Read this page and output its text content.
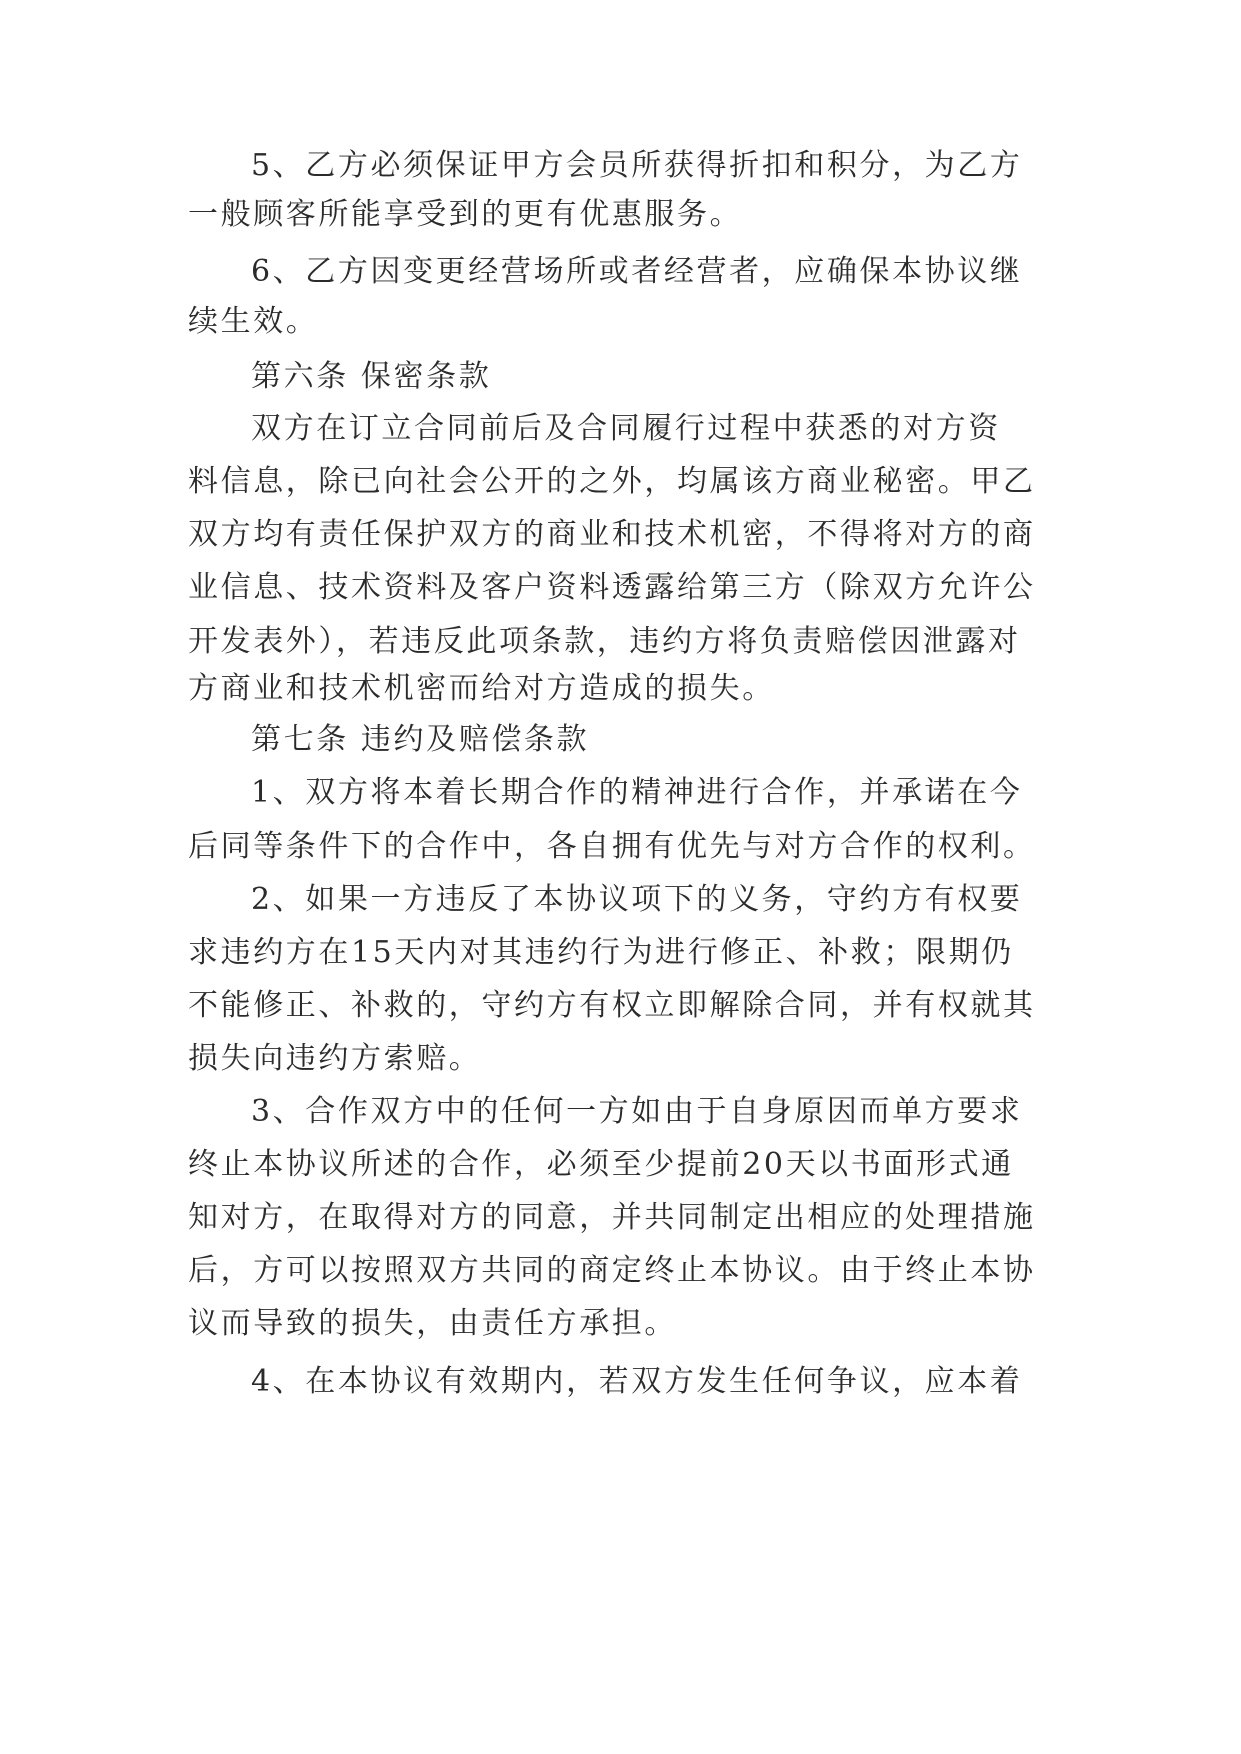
5、乙方必须保证甲方会员所获得折扣和积分，为乙方

一般顾客所能享受到的更有优惠服务。

6、乙方因变更经营场所或者经营者，应确保本协议继

续生效。

第六条 保密条款

双方在订立合同前后及合同履行过程中获悉的对方资

料信息，除已向社会公开的之外，均属该方商业秘密。甲乙

双方均有责任保护双方的商业和技术机密，不得将对方的商

业信息、技术资料及客户资料透露给第三方（除双方允许公

开发表外），若违反此项条款，违约方将负责赔偿因泄露对

方商业和技术机密而给对方造成的损失。

第七条 违约及赔偿条款

1、双方将本着长期合作的精神进行合作，并承诺在今

后同等条件下的合作中，各自拥有优先与对方合作的权利。

2、如果一方违反了本协议项下的义务，守约方有权要

求违约方在15天内对其违约行为进行修正、补救；限期仍

不能修正、补救的，守约方有权立即解除合同，并有权就其

损失向违约方索赔。

3、合作双方中的任何一方如由于自身原因而单方要求

终止本协议所述的合作，必须至少提前20天以书面形式通

知对方，在取得对方的同意，并共同制定出相应的处理措施

后，方可以按照双方共同的商定终止本协议。由于终止本协

议而导致的损失，由责任方承担。

4、在本协议有效期内，若双方发生任何争议，应本着
